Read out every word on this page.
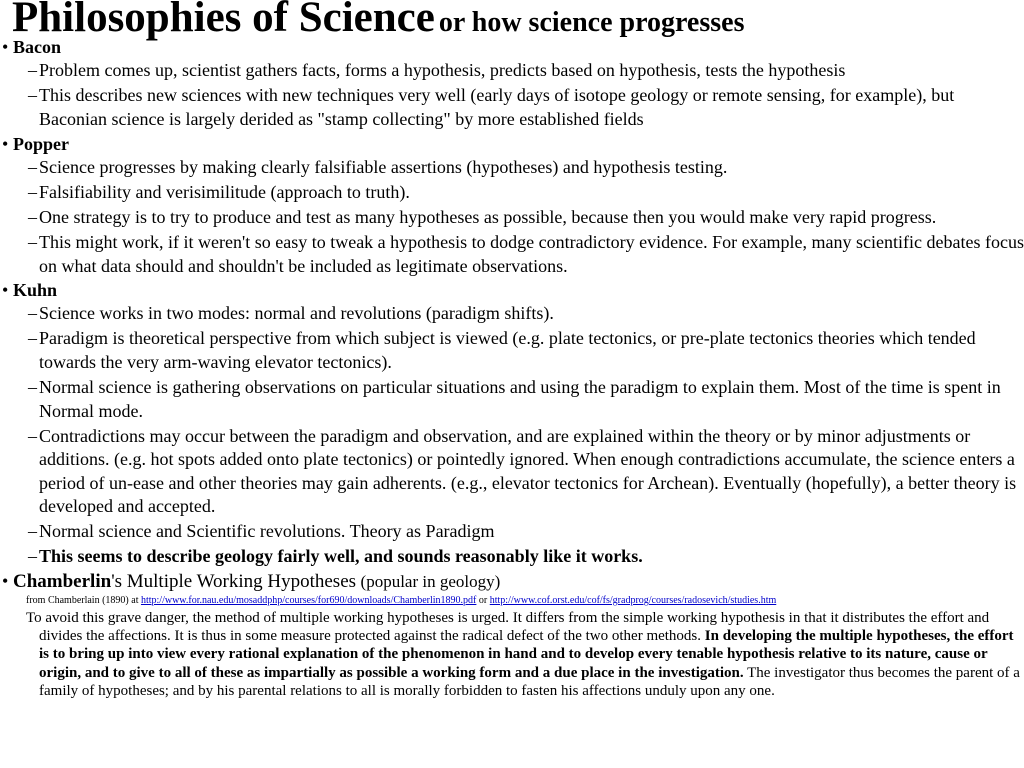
Philosophies of Science or how science progresses
• Bacon
– Problem comes up, scientist gathers facts, forms a hypothesis, predicts based on hypothesis, tests the hypothesis
– This describes new sciences with new techniques very well (early days of isotope geology or remote sensing, for example), but Baconian science is largely derided as "stamp collecting" by more established fields
• Popper
– Science progresses by making clearly falsifiable assertions (hypotheses) and hypothesis testing.
– Falsifiability and verisimilitude (approach to truth).
– One strategy is to try to produce and test as many hypotheses as possible, because then you would make very rapid progress.
– This might work, if it weren't so easy to tweak a hypothesis to dodge contradictory evidence. For example, many scientific debates focus on what data should and shouldn't be included as legitimate observations.
• Kuhn
– Science works in two modes: normal and revolutions (paradigm shifts).
– Paradigm is theoretical perspective from which subject is viewed (e.g. plate tectonics, or pre-plate tectonics theories which tended towards the very arm-waving elevator tectonics).
– Normal science is gathering observations on particular situations and using the paradigm to explain them. Most of the time is spent in Normal mode.
– Contradictions may occur between the paradigm and observation, and are explained within the theory or by minor adjustments or additions. (e.g. hot spots added onto plate tectonics) or pointedly ignored. When enough contradictions accumulate, the science enters a period of un-ease and other theories may gain adherents. (e.g., elevator tectonics for Archean). Eventually (hopefully), a better theory is developed and accepted.
– Normal science and Scientific revolutions. Theory as Paradigm
– This seems to describe geology fairly well, and sounds reasonably like it works.
• Chamberlin's Multiple Working Hypotheses (popular in geology)
from Chamberlain (1890) at http://www.for.nau.edu/mosaddphp/courses/for690/downloads/Chamberlin1890.pdf or http://www.cof.orst.edu/cof/fs/gradprog/courses/radosevich/studies.htm
To avoid this grave danger, the method of multiple working hypotheses is urged. It differs from the simple working hypothesis in that it distributes the effort and divides the affections. It is thus in some measure protected against the radical defect of the two other methods. In developing the multiple hypotheses, the effort is to bring up into view every rational explanation of the phenomenon in hand and to develop every tenable hypothesis relative to its nature, cause or origin, and to give to all of these as impartially as possible a working form and a due place in the investigation. The investigator thus becomes the parent of a family of hypotheses; and by his parental relations to all is morally forbidden to fasten his affections unduly upon any one.
